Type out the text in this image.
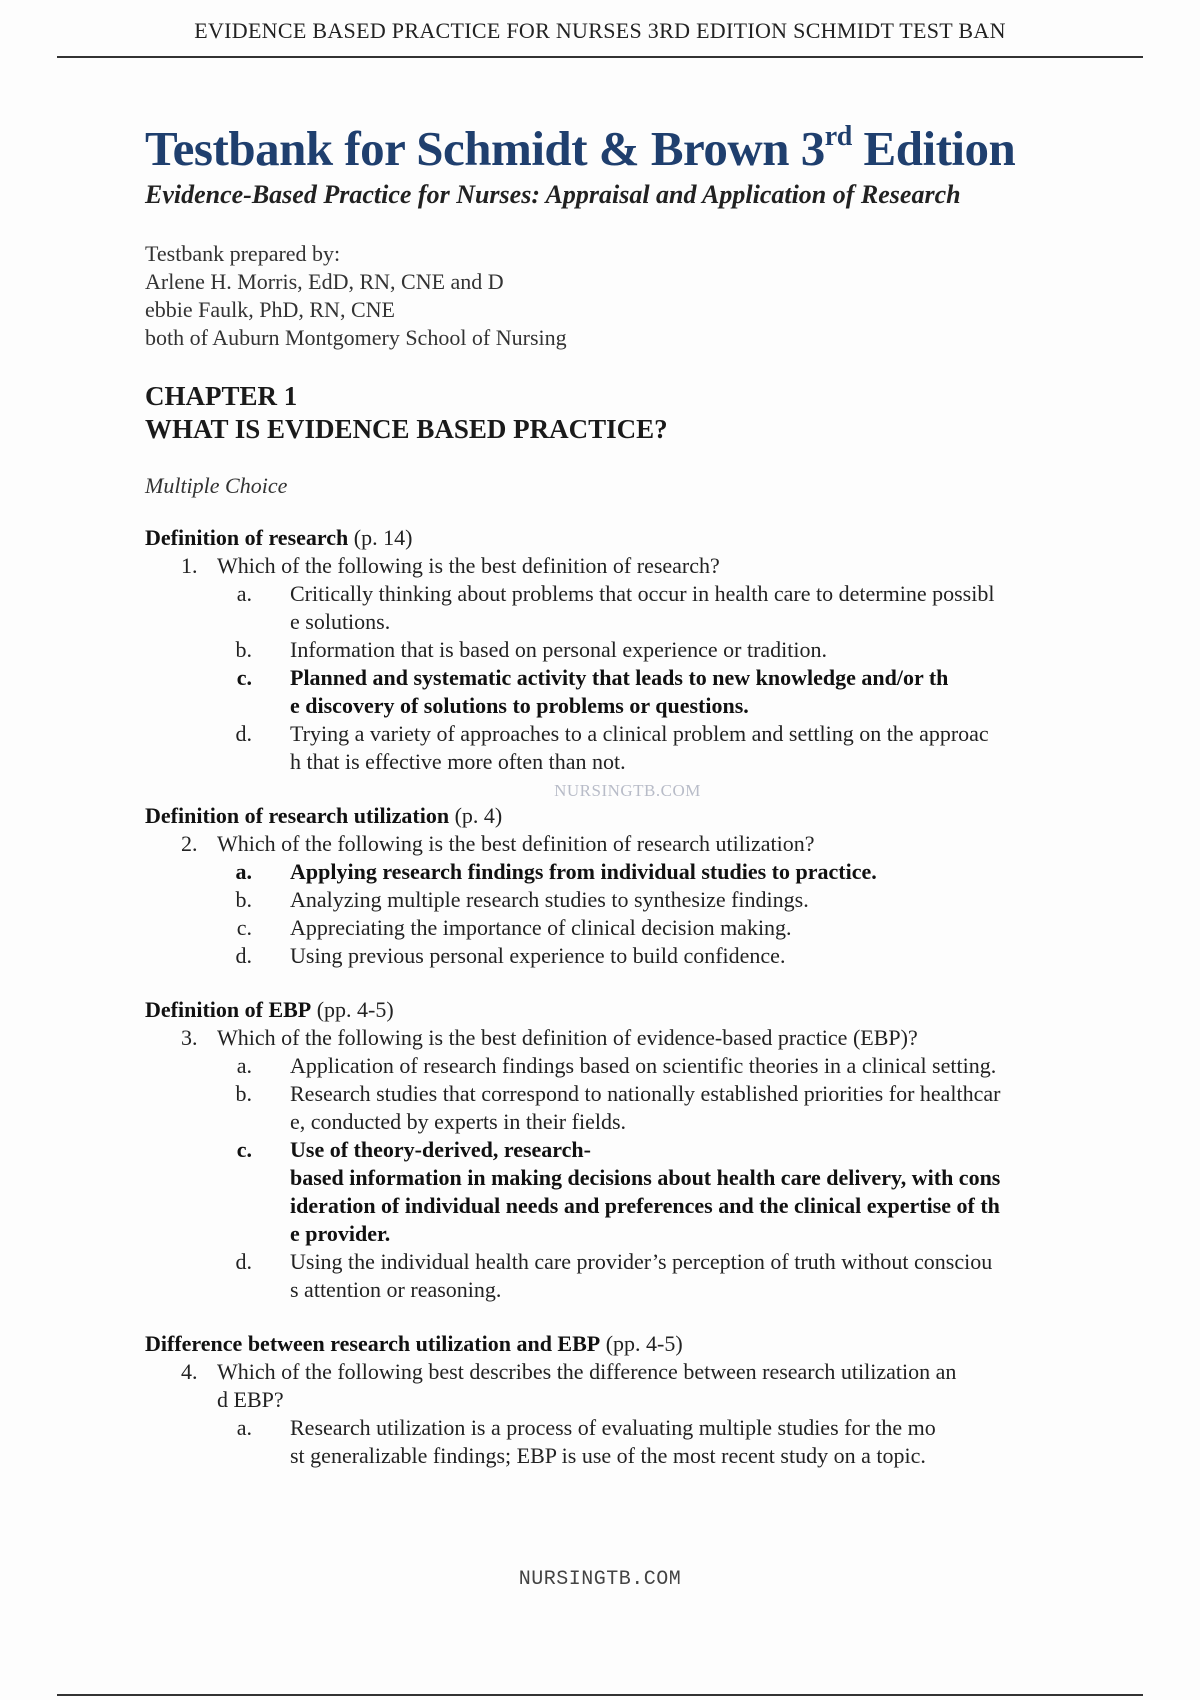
EVIDENCE BASED PRACTICE FOR NURSES 3RD EDITION SCHMIDT TEST BAN
Testbank for Schmidt & Brown 3rd Edition
Evidence-Based Practice for Nurses: Appraisal and Application of Research
Testbank prepared by:
Arlene H. Morris, EdD, RN, CNE and D
ebbie Faulk, PhD, RN, CNE
both of Auburn Montgomery School of Nursing
CHAPTER 1
WHAT IS EVIDENCE BASED PRACTICE?
Multiple Choice
Definition of research (p. 14)
1. Which of the following is the best definition of research?
a. Critically thinking about problems that occur in health care to determine possibl
e solutions.
b. Information that is based on personal experience or tradition.
c. Planned and systematic activity that leads to new knowledge and/or th
e discovery of solutions to problems or questions.
d. Trying a variety of approaches to a clinical problem and settling on the approac
h that is effective more often than not.
NURSINGTB.COM
Definition of research utilization (p. 4)
2. Which of the following is the best definition of research utilization?
a. Applying research findings from individual studies to practice.
b. Analyzing multiple research studies to synthesize findings.
c. Appreciating the importance of clinical decision making.
d. Using previous personal experience to build confidence.
Definition of EBP (pp. 4-5)
3. Which of the following is the best definition of evidence-based practice (EBP)?
a. Application of research findings based on scientific theories in a clinical setting.
b. Research studies that correspond to nationally established priorities for healthcar
e, conducted by experts in their fields.
c. Use of theory-derived, research-
based information in making decisions about health care delivery, with cons
ideration of individual needs and preferences and the clinical expertise of th
e provider.
d. Using the individual health care provider’s perception of truth without consciou
s attention or reasoning.
Difference between research utilization and EBP (pp. 4-5)
4. Which of the following best describes the difference between research utilization an
d EBP?
a. Research utilization is a process of evaluating multiple studies for the mo
st generalizable findings; EBP is use of the most recent study on a topic.
NURSINGTB.COM
